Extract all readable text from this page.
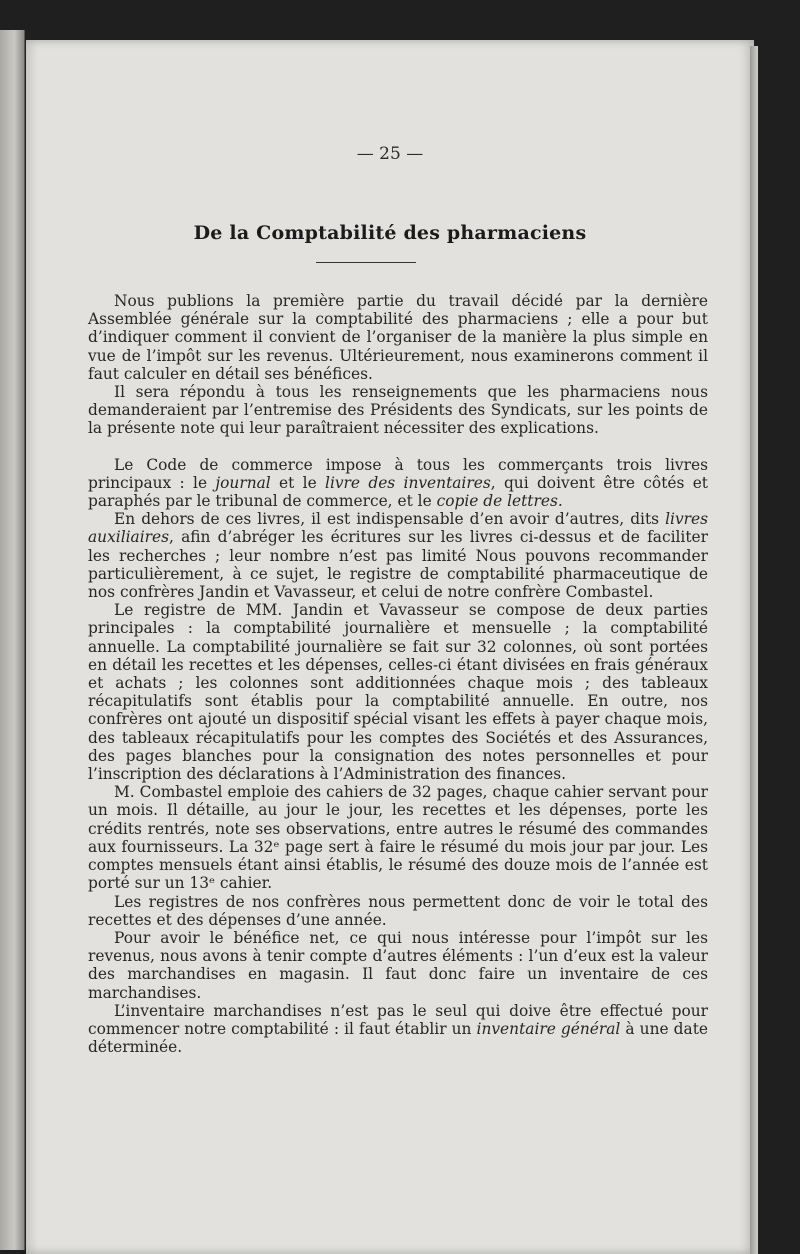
— 25 —
De la Comptabilité des pharmaciens

Nous publions la première partie du travail décidé par la dernière Assemblée générale sur la comptabilité des pharmaciens ; elle a pour but d’indiquer comment il convient de l’organiser de la manière la plus simple en vue de l’impôt sur les revenus. Ultérieurement, nous examinerons comment il faut calculer en détail ses bénéfices.

Il sera répondu à tous les renseignements que les pharmaciens nous demanderaient par l’entremise des Présidents des Syndicats, sur les points de la présente note qui leur paraîtraient nécessiter des explications.

Le Code de commerce impose à tous les commerçants trois livres principaux : le journal et le livre des inventaires, qui doivent être côtés et paraphés par le tribunal de commerce, et le copie de lettres.

En dehors de ces livres, il est indispensable d’en avoir d’autres, dits livres auxiliaires, afin d’abréger les écritures sur les livres ci-dessus et de faciliter les recherches ; leur nombre n’est pas limité Nous pouvons recommander particulièrement, à ce sujet, le registre de comptabilité pharmaceutique de nos confrères Jandin et Vavasseur, et celui de notre confrère Combastel.

Le registre de MM. Jandin et Vavasseur se compose de deux parties principales : la comptabilité journalière et mensuelle ; la comptabilité annuelle. La comptabilité journalière se fait sur 32 colonnes, où sont portées en détail les recettes et les dépenses, celles-ci étant divisées en frais généraux et achats ; les colonnes sont additionnées chaque mois ; des tableaux récapitulatifs sont établis pour la comptabilité annuelle. En outre, nos confrères ont ajouté un dispositif spécial visant les effets à payer chaque mois, des tableaux récapitulatifs pour les comptes des Sociétés et des Assurances, des pages blanches pour la consignation des notes personnelles et pour l’inscription des déclarations à l’Administration des finances.

M. Combastel emploie des cahiers de 32 pages, chaque cahier servant pour un mois. Il détaille, au jour le jour, les recettes et les dépenses, porte les crédits rentrés, note ses observations, entre autres le résumé des commandes aux fournisseurs. La 32ᵉ page sert à faire le résumé du mois jour par jour. Les comptes mensuels étant ainsi établis, le résumé des douze mois de l’année est porté sur un 13ᵉ cahier.

Les registres de nos confrères nous permettent donc de voir le total des recettes et des dépenses d’une année.

Pour avoir le bénéfice net, ce qui nous intéresse pour l’impôt sur les revenus, nous avons à tenir compte d’autres éléments : l’un d’eux est la valeur des marchandises en magasin. Il faut donc faire un inventaire de ces marchandises.

L’inventaire marchandises n’est pas le seul qui doive être effectué pour commencer notre comptabilité : il faut établir un inventaire général à une date déterminée.
